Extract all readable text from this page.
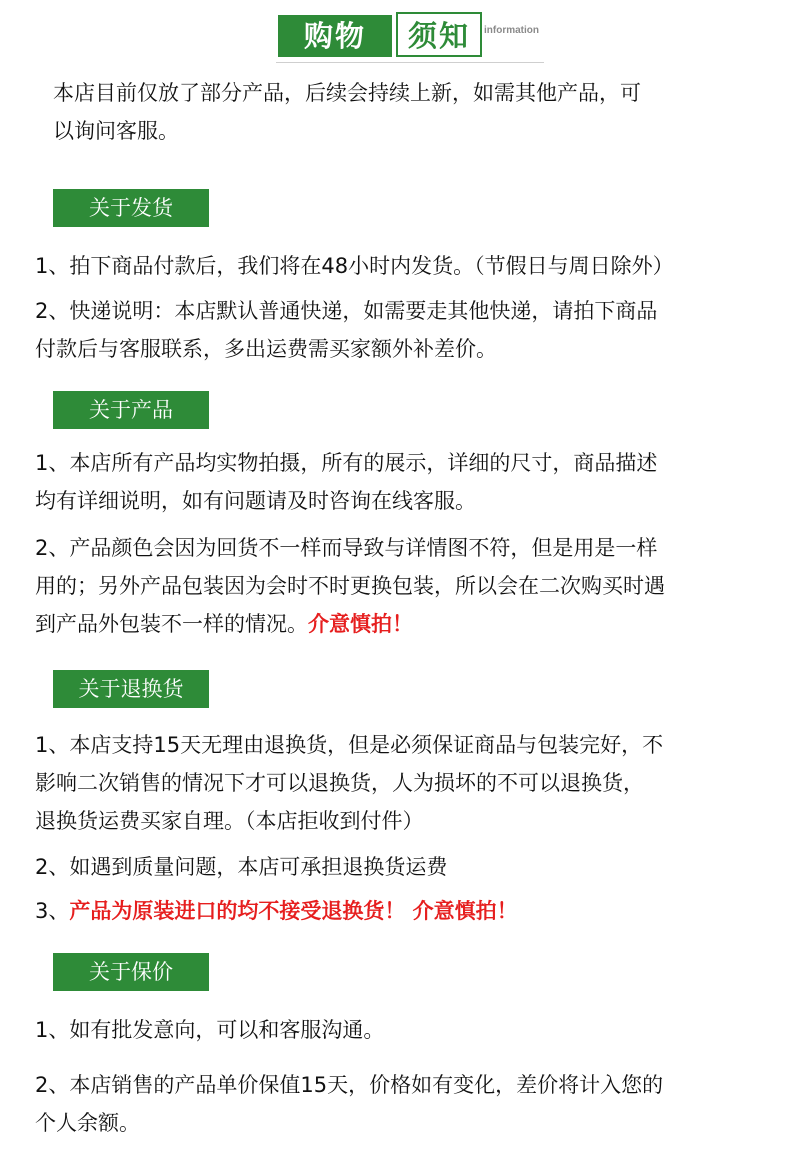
购物	须知	information
本店目前仅放了部分产品，后续会持续上新，如需其他产品，可
以询问客服。
关于发货
1、拍下商品付款后，我们将在48小时内发货。（节假日与周日除外）
2、快递说明：本店默认普通快递，如需要走其他快递，请拍下商品
付款后与客服联系，多出运费需买家额外补差价。
关于产品
1、本店所有产品均实物拍摄，所有的展示，详细的尺寸，商品描述
均有详细说明，如有问题请及时咨询在线客服。
2、产品颜色会因为回货不一样而导致与详情图不符，但是用是一样
用的；另外产品包装因为会时不时更换包装，所以会在二次购买时遇
到产品外包装不一样的情况。介意慎拍！
关于退换货
1、本店支持15天无理由退换货，但是必须保证商品与包装完好，不
影响二次销售的情况下才可以退换货，人为损坏的不可以退换货，
退换货运费买家自理。（本店拒收到付件）
2、如遇到质量问题，本店可承担退换货运费
3、产品为原装进口的均不接受退换货！ 介意慎拍！
关于保价
1、如有批发意向，可以和客服沟通。
2、本店销售的产品单价保值15天，价格如有变化，差价将计入您的
个人余额。
